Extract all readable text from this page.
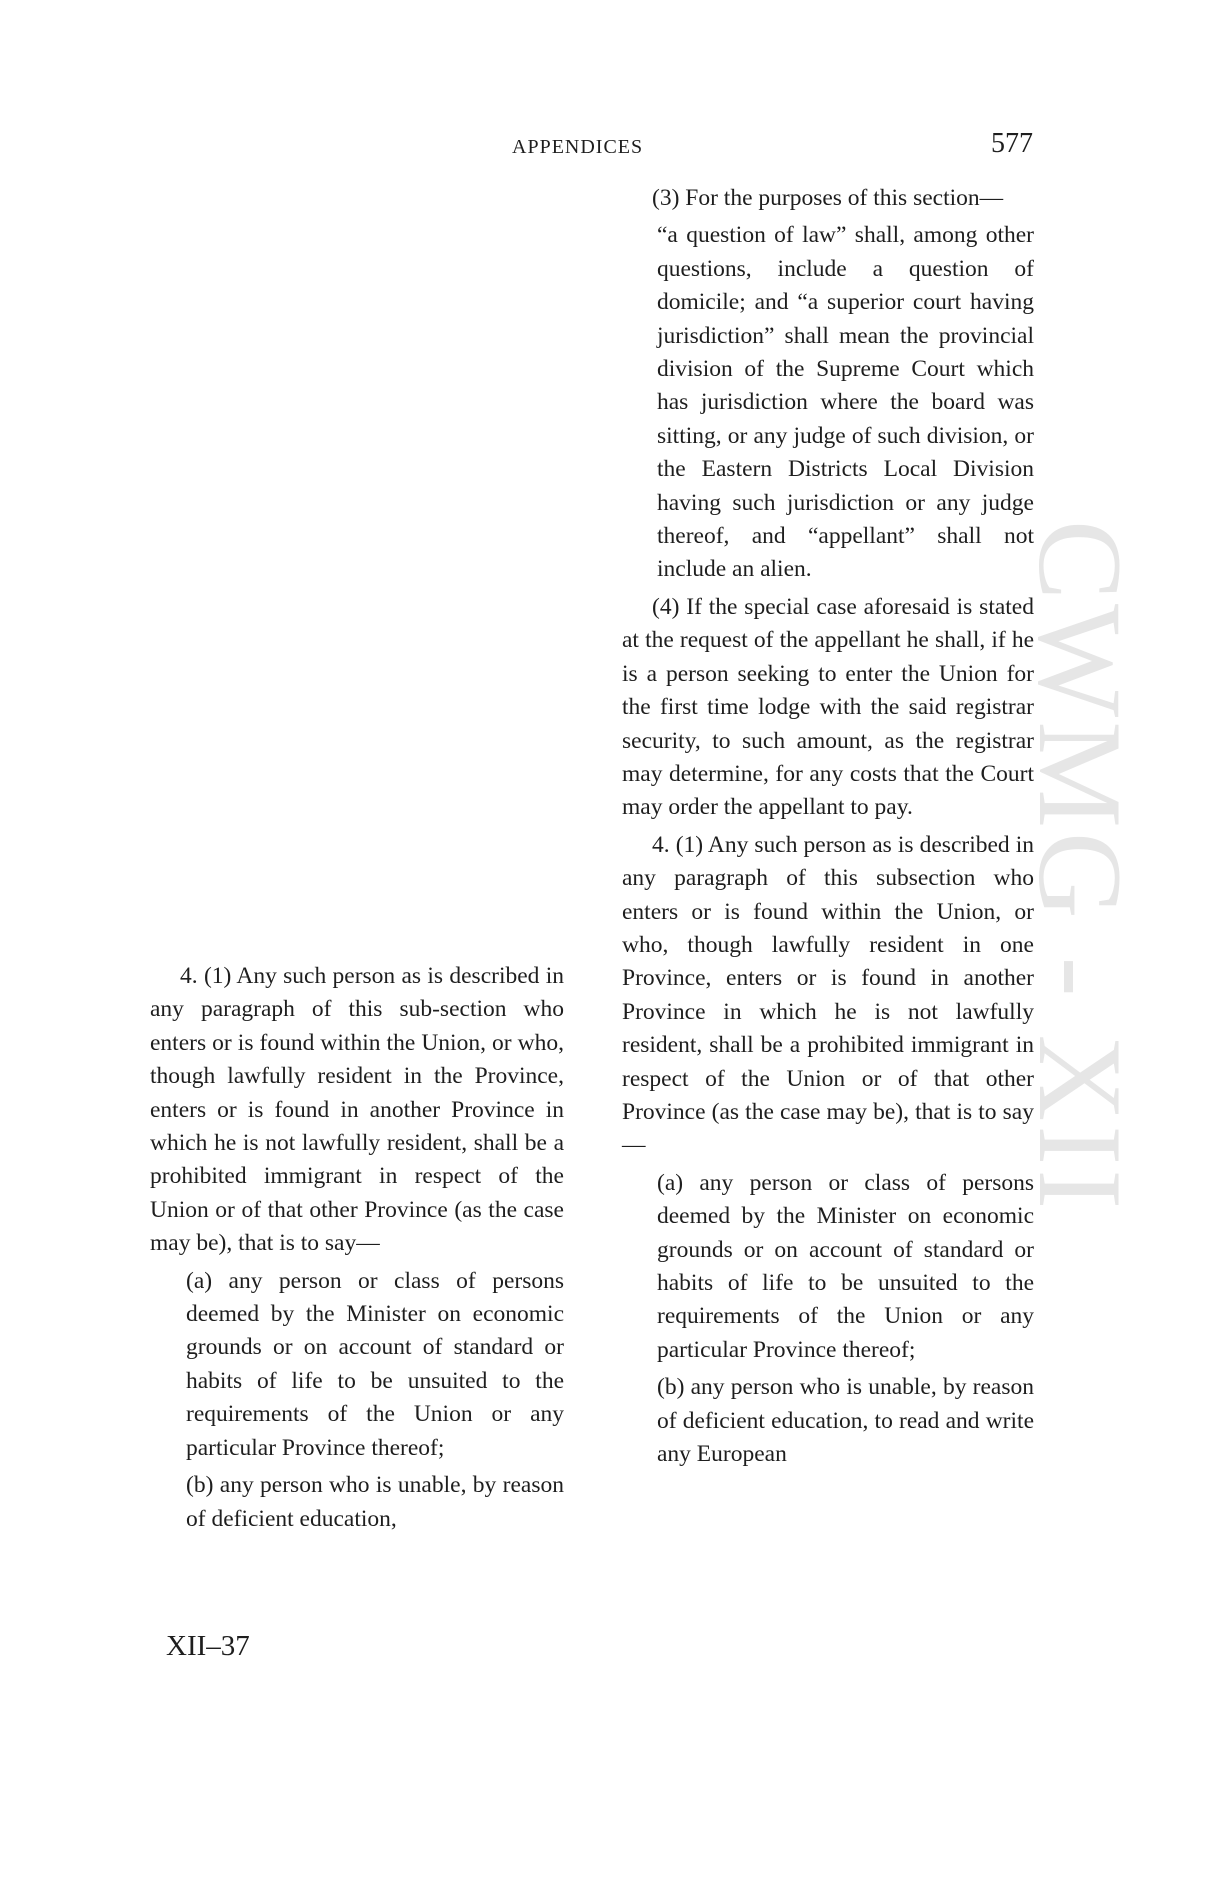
APPENDICES	577
CWMG - XII

4. (1) Any such person as is described in any paragraph of this sub-section who enters or is found within the Union, or who, though lawfully resident in the Province, enters or is found in another Province in which he is not lawfully resident, shall be a prohibited immigrant in respect of the Union or of that other Province (as the case may be), that is to say—

(a) any person or class of persons deemed by the Minister on economic grounds or on account of standard or habits of life to be unsuited to the requirements of the Union or any particular Province thereof;

(b) any person who is unable, by reason of deficient education,

(3) For the purposes of this section—

“a question of law” shall, among other questions, include a question of domicile; and “a superior court having jurisdiction” shall mean the provincial division of the Supreme Court which has jurisdiction where the board was sitting, or any judge of such division, or the Eastern Districts Local Division having such jurisdiction or any judge thereof, and “appellant” shall not include an alien.

(4) If the special case aforesaid is stated at the request of the appellant he shall, if he is a person seeking to enter the Union for the first time lodge with the said registrar security, to such amount, as the registrar may determine, for any costs that the Court may order the appellant to pay.

4. (1) Any such person as is described in any paragraph of this subsection who enters or is found within the Union, or who, though lawfully resident in one Province, enters or is found in another Province in which he is not lawfully resident, shall be a prohibited immigrant in respect of the Union or of that other Province (as the case may be), that is to say—

(a) any person or class of persons deemed by the Minister on economic grounds or on account of standard or habits of life to be unsuited to the requirements of the Union or any particular Province thereof;

(b) any person who is unable, by reason of deficient education, to read and write any European

XII–37
